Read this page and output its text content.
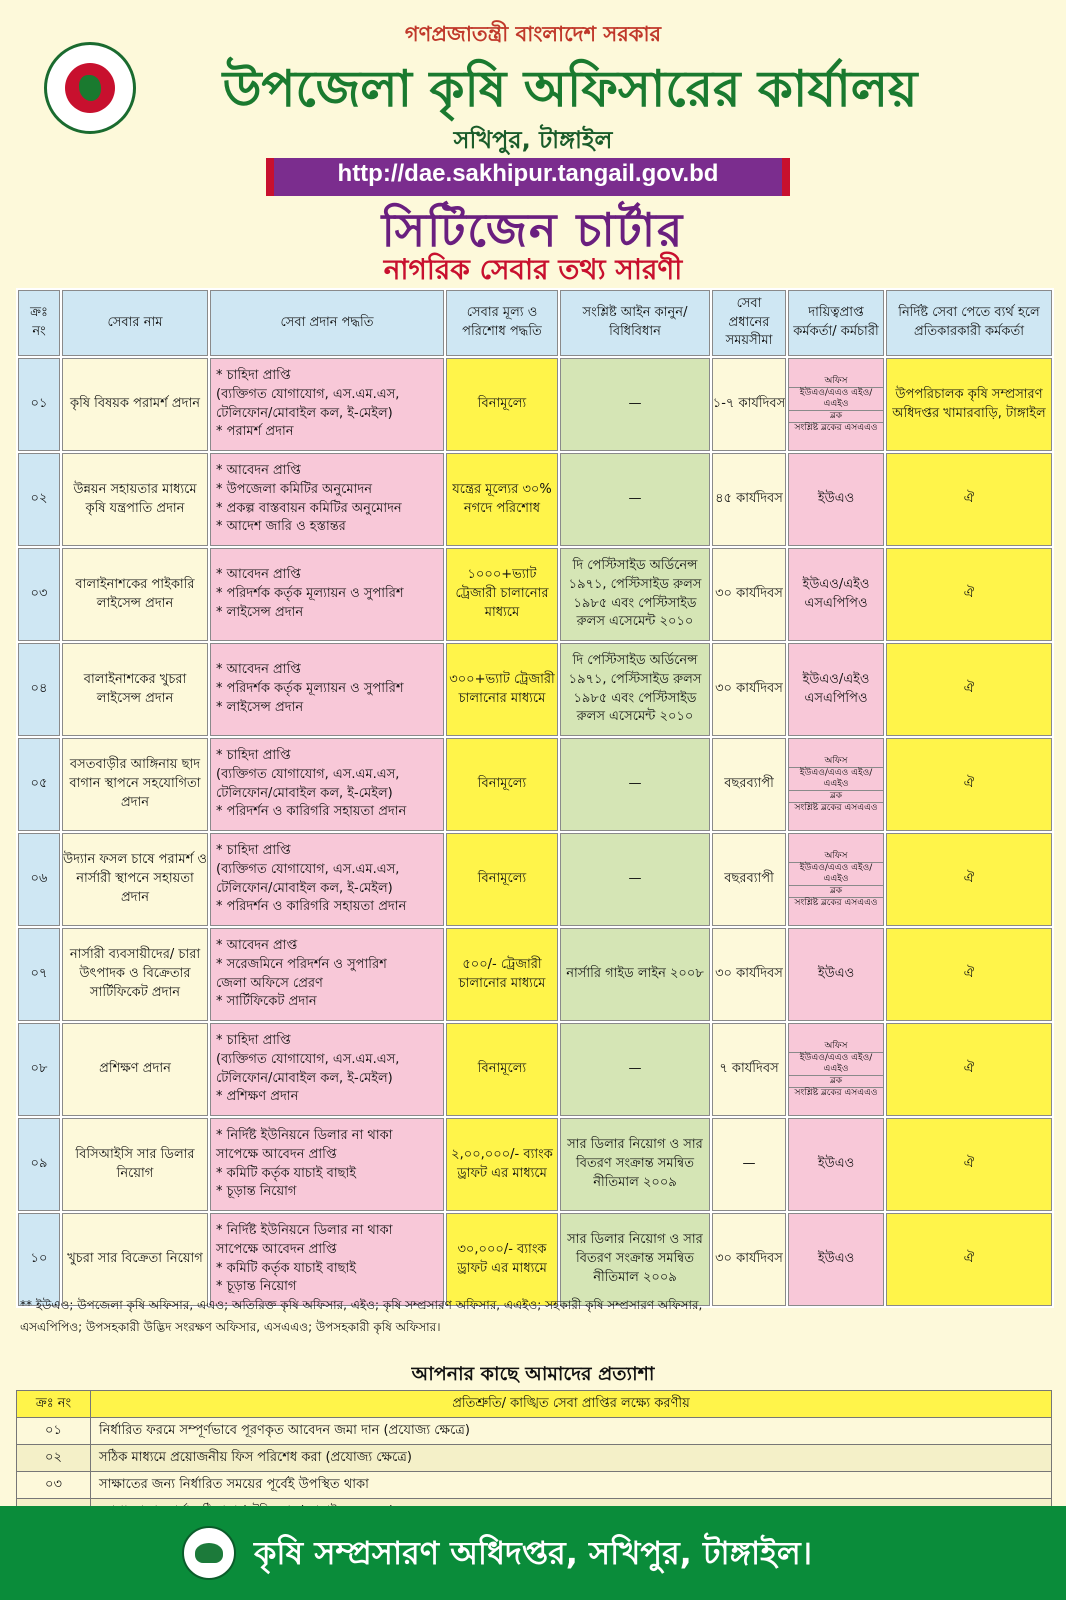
গণপ্রজাতন্ত্রী বাংলাদেশ সরকার
উপজেলা কৃষি অফিসারের কার্যালয়
সখিপুর, টাঙ্গাইল
http://dae.sakhipur.tangail.gov.bd
সিটিজেন চার্টার
নাগরিক সেবার তথ্য সারণী
ক্রঃ নং	সেবার নাম	সেবা প্রদান পদ্ধতি	সেবার মূল্য ও পরিশোধ পদ্ধতি	সংশ্লিষ্ট আইন কানুন/ বিধিবিধান	সেবা প্রধানের সময়সীমা	দায়িত্বপ্রাপ্ত কর্মকর্তা/ কর্মচারী	নির্দিষ্ট সেবা পেতে ব্যর্থ হলে প্রতিকারকারী কর্মকর্তা
০১	কৃষি বিষয়ক পরামর্শ প্রদান	* চাহিদা প্রাপ্তি
(ব্যক্তিগত যোগাযোগ, এস.এম.এস,
টেলিফোন/মোবাইল কল, ই-মেইল)
* পরামর্শ প্রদান	বিনামূল্যে	—	১-৭ কার্যদিবস	অফিস
ইউএও/এএও এইও/এএইও
ব্লক
সংশ্লিষ্ট ব্লকের এসএএও	উপপরিচালক কৃষি সম্প্রসারণ অধিদপ্তর খামারবাড়ি, টাঙ্গাইল
০২	উন্নয়ন সহায়তার মাধ্যমে কৃষি যন্ত্রপাতি প্রদান	* আবেদন প্রাপ্তি
* উপজেলা কমিটির অনুমোদন
* প্রকল্প বাস্তবায়ন কমিটির অনুমোদন
* আদেশ জারি ও হস্তান্তর	যন্ত্রের মূল্যের ৩০% নগদে পরিশোধ	—	৪৫ কার্যদিবস	ইউএও	ঐ
০৩	বালাইনাশকের পাইকারি লাইসেন্স প্রদান	* আবেদন প্রাপ্তি
* পরিদর্শক কর্তৃক মূল্যায়ন ও সুপারিশ
* লাইসেন্স প্রদান	১০০০+ভ্যাট ট্রেজারী চালানোর মাধ্যমে	দি পেস্টিসাইড অর্ডিনেন্স ১৯৭১, পেস্টিসাইড রুলস ১৯৮৫ এবং পেস্টিসাইড রুলস এসেমেন্ট ২০১০	৩০ কার্যদিবস	ইউএও/এইও এসএপিপিও	ঐ
০৪	বালাইনাশকের খুচরা লাইসেন্স প্রদান	* আবেদন প্রাপ্তি
* পরিদর্শক কর্তৃক মূল্যায়ন ও সুপারিশ
* লাইসেন্স প্রদান	৩০০+ভ্যাট ট্রেজারী চালানোর মাধ্যমে	দি পেস্টিসাইড অর্ডিনেন্স ১৯৭১, পেস্টিসাইড রুলস ১৯৮৫ এবং পেস্টিসাইড রুলস এসেমেন্ট ২০১০	৩০ কার্যদিবস	ইউএও/এইও এসএপিপিও	ঐ
০৫	বসতবাড়ীর আঙ্গিনায় ছাদ বাগান স্থাপনে সহযোগিতা প্রদান	* চাহিদা প্রাপ্তি
(ব্যক্তিগত যোগাযোগ, এস.এম.এস,
টেলিফোন/মোবাইল কল, ই-মেইল)
* পরিদর্শন ও কারিগরি সহায়তা প্রদান	বিনামূল্যে	—	বছরব্যাপী	অফিস
ইউএও/এএও এইও/এএইও
ব্লক
সংশ্লিষ্ট ব্লকের এসএএও	ঐ
০৬	উদ্যান ফসল চাষে পরামর্শ ও নার্সারী স্থাপনে সহায়তা প্রদান	* চাহিদা প্রাপ্তি
(ব্যক্তিগত যোগাযোগ, এস.এম.এস,
টেলিফোন/মোবাইল কল, ই-মেইল)
* পরিদর্শন ও কারিগরি সহায়তা প্রদান	বিনামূল্যে	—	বছরব্যাপী	অফিস
ইউএও/এএও এইও/এএইও
ব্লক
সংশ্লিষ্ট ব্লকের এসএএও	ঐ
০৭	নার্সারী ব্যবসায়ীদের/ চারা উৎপাদক ও বিক্রেতার সার্টিফিকেট প্রদান	* আবেদন প্রাপ্ত
* সরেজমিনে পরিদর্শন ও সুপারিশ
জেলা অফিসে প্রেরণ
* সার্টিফিকেট প্রদান	৫০০/- ট্রেজারী চালানোর মাধ্যমে	নার্সারি গাইড লাইন ২০০৮	৩০ কার্যদিবস	ইউএও	ঐ
০৮	প্রশিক্ষণ প্রদান	* চাহিদা প্রাপ্তি
(ব্যক্তিগত যোগাযোগ, এস.এম.এস,
টেলিফোন/মোবাইল কল, ই-মেইল)
* প্রশিক্ষণ প্রদান	বিনামূল্যে	—	৭ কার্যদিবস	অফিস
ইউএও/এএও এইও/এএইও
ব্লক
সংশ্লিষ্ট ব্লকের এসএএও	ঐ
০৯	বিসিআইসি সার ডিলার নিয়োগ	* নির্দিষ্ট ইউনিয়নে ডিলার না থাকা
সাপেক্ষে আবেদন প্রাপ্তি
* কমিটি কর্তৃক যাচাই বাছাই
* চূড়ান্ত নিয়োগ	২,০০,০০০/- ব্যাংক ড্রাফট এর মাধ্যমে	সার ডিলার নিয়োগ ও সার বিতরণ সংক্রান্ত সমন্বিত নীতিমাল ২০০৯	—	ইউএও	ঐ
১০	খুচরা সার বিক্রেতা নিয়োগ	* নির্দিষ্ট ইউনিয়নে ডিলার না থাকা
সাপেক্ষে আবেদন প্রাপ্তি
* কমিটি কর্তৃক যাচাই বাছাই
* চূড়ান্ত নিয়োগ	৩০,০০০/- ব্যাংক ড্রাফট এর মাধ্যমে	সার ডিলার নিয়োগ ও সার বিতরণ সংক্রান্ত সমন্বিত নীতিমাল ২০০৯	৩০ কার্যদিবস	ইউএও	ঐ
** ইউএও; উপজেলা কৃষি অফিসার, এএও; অতিরিক্ত কৃষি অফিসার, এইও; কৃষি সম্প্রসারণ অফিসার, এএইও; সহকারী কৃষি সম্প্রসারণ অফিসার,
এসএপিপিও; উপসহকারী উদ্ভিদ সংরক্ষণ অফিসার, এসএএও; উপসহকারী কৃষি অফিসার।
আপনার কাছে আমাদের প্রত্যাশা
ক্রঃ নং	প্রতিশ্রুতি/ কাঙ্খিত সেবা প্রাপ্তির লক্ষ্যে করণীয়
০১	নির্ধারিত ফরমে সম্পূর্ণভাবে পূরণকৃত আবেদন জমা দান (প্রযোজ্য ক্ষেত্রে)
০২	সঠিক মাধ্যমে প্রয়োজনীয় ফিস পরিশেধ করা (প্রযোজ্য ক্ষেত্রে)
০৩	সাক্ষাতের জন্য নির্ধারিত সময়ের পূর্বেই উপস্থিত থাকা

কৃষি সম্প্রসারণ অধিদপ্তর, সখিপুর, টাঙ্গাইল।
